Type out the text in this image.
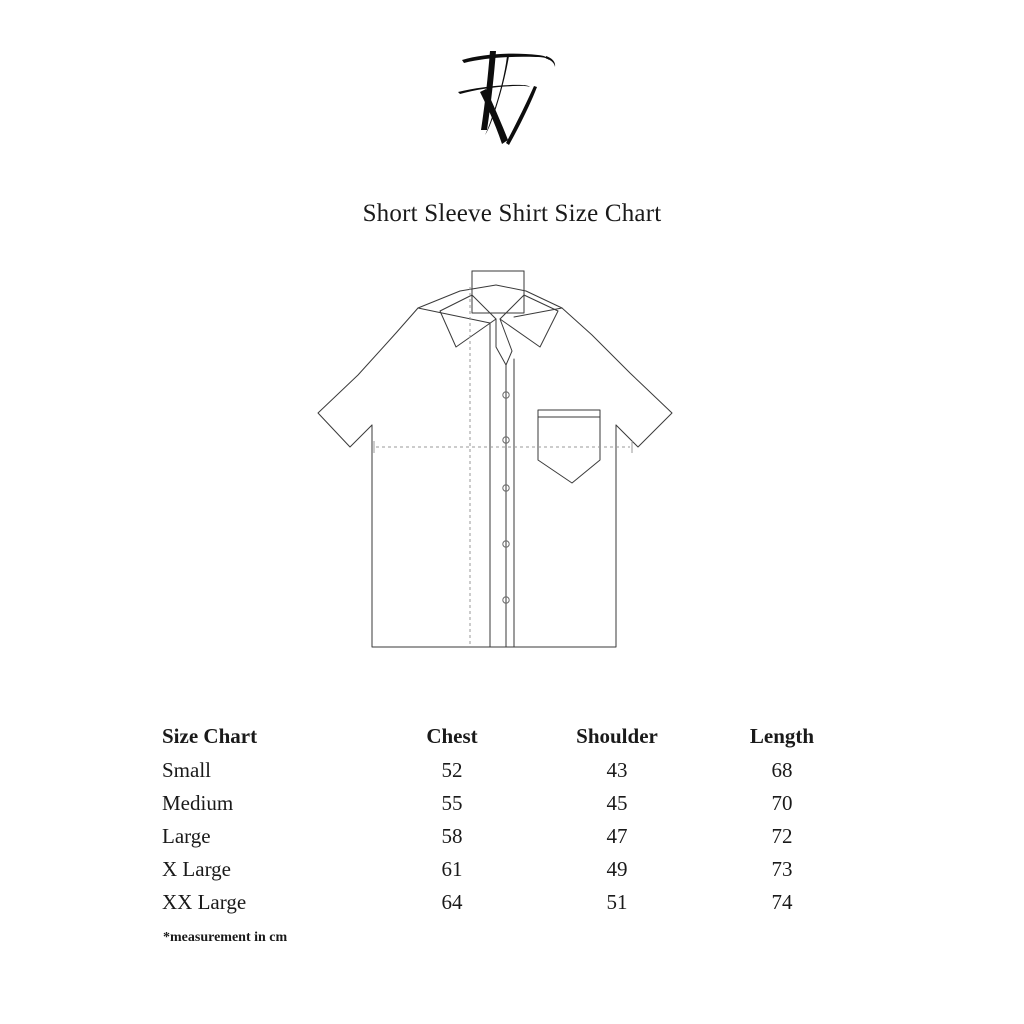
Short Sleeve Shirt Size Chart
Size Chart	Chest	Shoulder	Length
Small	52	43	68
Medium	55	45	70
Large	58	47	72
X Large	61	49	73
XX Large	64	51	74
*measurement in cm
